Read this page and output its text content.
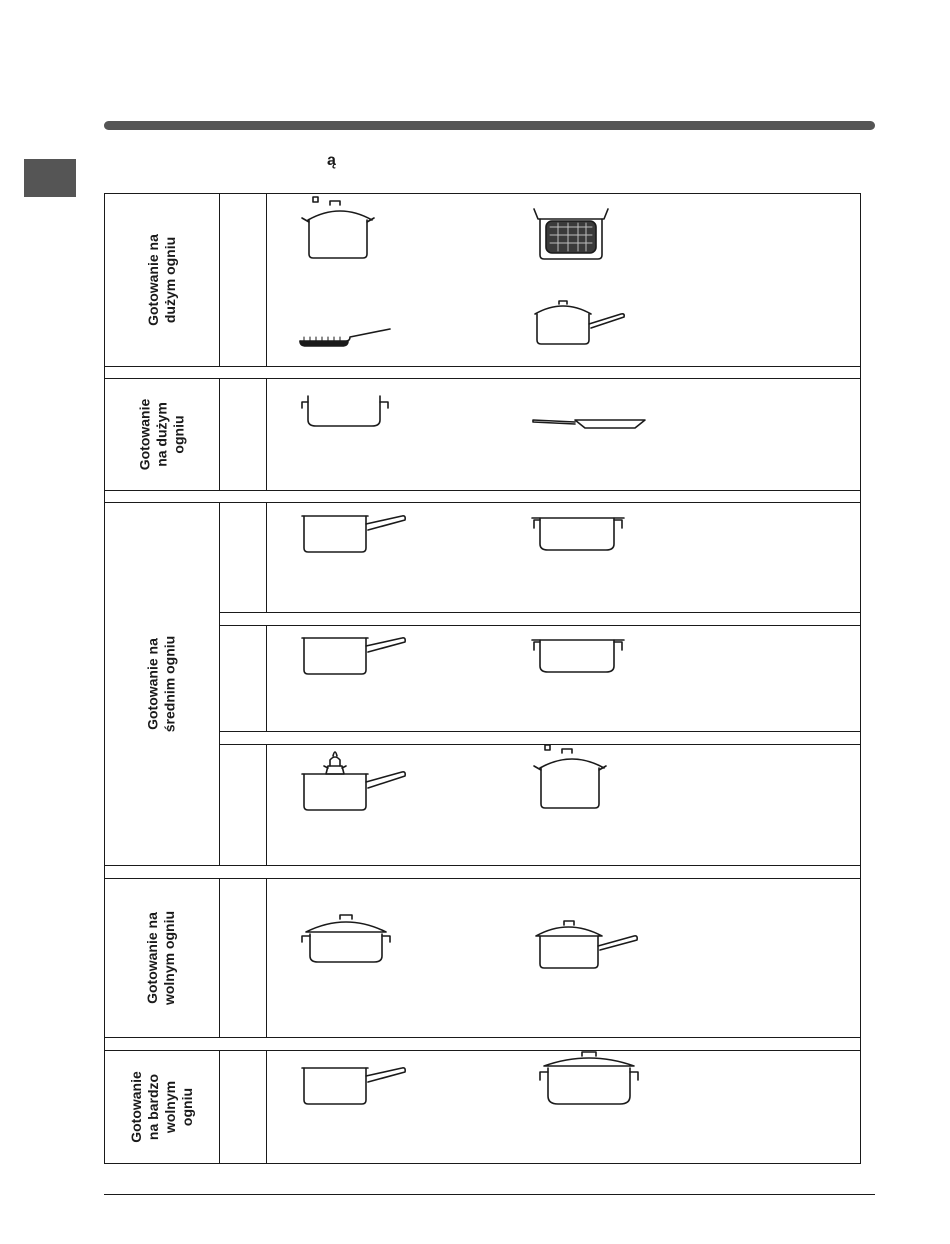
ą
Gotowanie na
dużym ogniu
Gotowanie
na dużym
ogniu
Gotowanie na średnim ogniu
Gotowanie na
wolnym ogniu
Gotowanie
na bardzo
wolnym
ogniu
